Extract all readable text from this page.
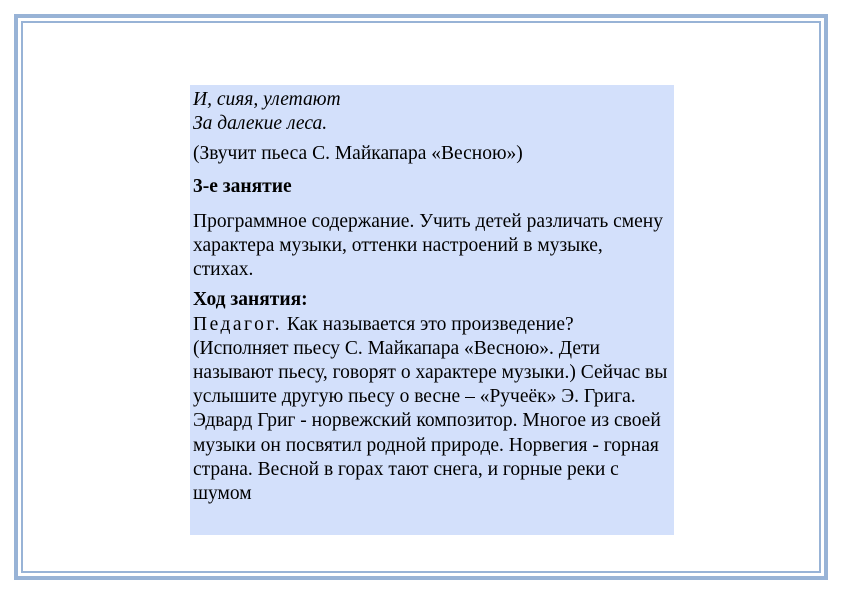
И, сияя, улетают

За далекие леса.

(Звучит пьеса С. Майкапара «Весною»)

3-е занятие

Программное содержание. Учить детей различать смену характера музыки, оттенки настроений в музыке, стихах.

Ход занятия:

Педагог. Как называется это произведение? (Исполняет пьесу С. Майкапара «Весною». Дети называют пьесу, говорят о характере музыки.) Сейчас вы услышите другую пьесу о весне – «Ручеёк» Э. Грига. Эдвард Григ - норвежский композитор. Многое из своей музыки он посвятил родной природе. Норвегия - горная страна. Весной в горах тают снега, и горные реки с шумом
